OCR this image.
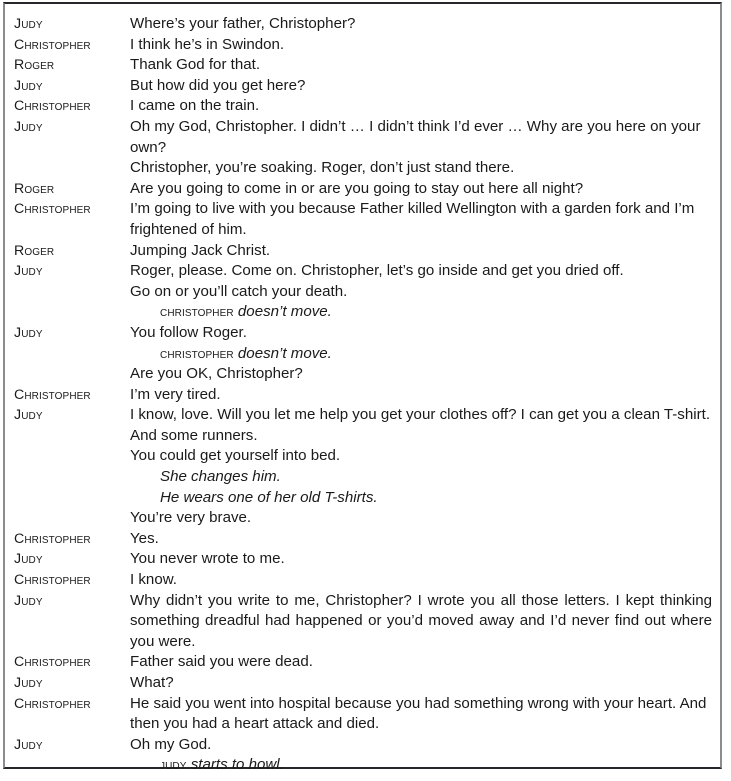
Judy	Where’s your father, Christopher?
Christopher	I think he’s in Swindon.
Roger	Thank God for that.
Judy	But how did you get here?
Christopher	I came on the train.
Judy	Oh my God, Christopher. I didn’t … I didn’t think I’d ever … Why are you here on your own?
Christopher, you’re soaking. Roger, don’t just stand there.
Roger	Are you going to come in or are you going to stay out here all night?
Christopher	I’m going to live with you because Father killed Wellington with a garden fork and I’m frightened of him.
Roger	Jumping Jack Christ.
Judy	Roger, please. Come on. Christopher, let’s go inside and get you dried off.
Go on or you’ll catch your death.
christopher doesn’t move.
Judy	You follow Roger.
christopher doesn’t move.
Are you OK, Christopher?
Christopher	I’m very tired.
Judy	I know, love. Will you let me help you get your clothes off? I can get you a clean T-shirt. And some runners.
You could get yourself into bed.
She changes him.
He wears one of her old T-shirts.
You’re very brave.
Christopher	Yes.
Judy	You never wrote to me.
Christopher	I know.
Judy	Why didn’t you write to me, Christopher? I wrote you all those letters. I kept thinking something dreadful had happened or you’d moved away and I’d never find out where you were.
Christopher	Father said you were dead.
Judy	What?
Christopher	He said you went into hospital because you had something wrong with your heart. And then you had a heart attack and died.
Judy	Oh my God.
judy starts to howl.
